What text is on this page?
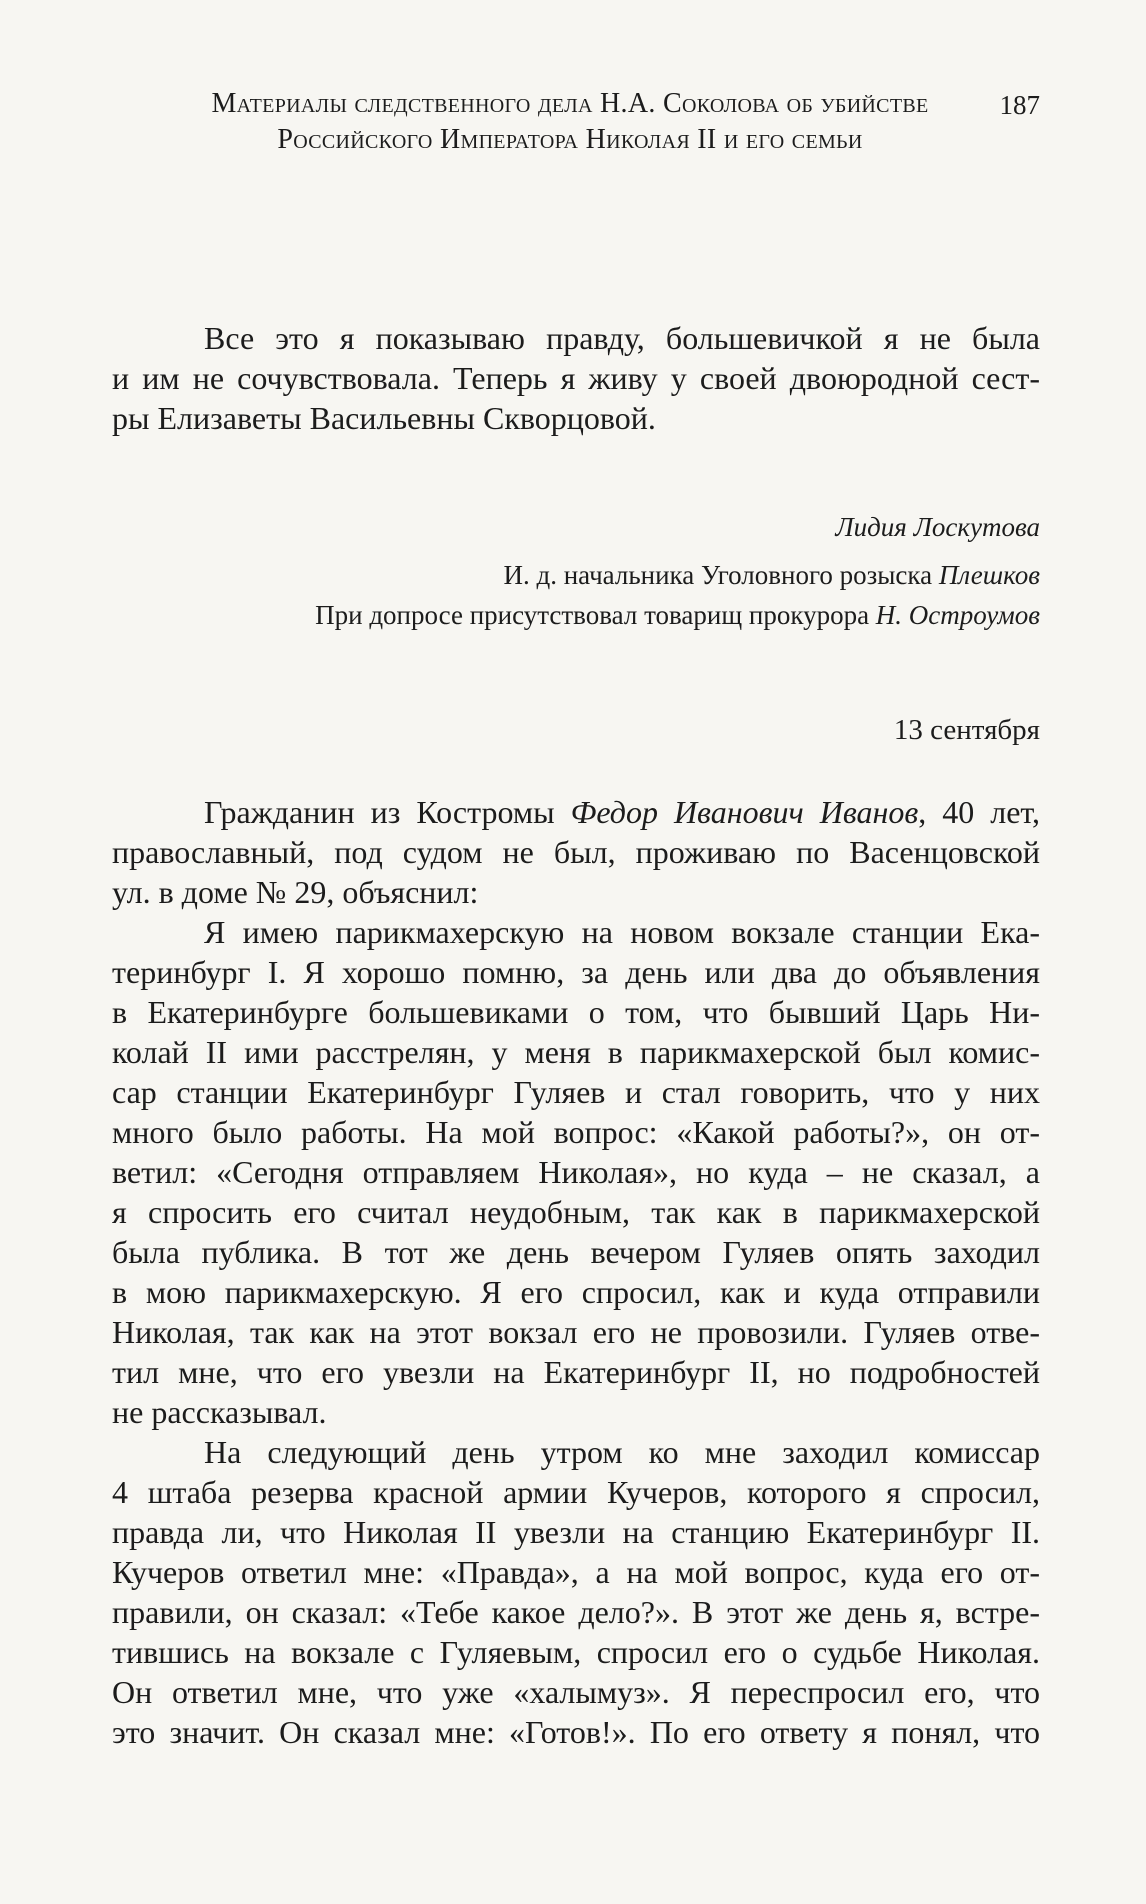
Материалы следственного дела Н.А. Соколова об убийстве
Российского Императора Николая II и его семьи
187
Все это я показываю правду, большевичкой я не была
и им не сочувствовала. Теперь я живу у своей двоюродной сест-
ры Елизаветы Васильевны Скворцовой.
Лидия Лоскутова
И. д. начальника Уголовного розыска Плешков
При допросе присутствовал товарищ прокурора Н. Остроумов
13 сентября
Гражданин из Костромы Федор Иванович Иванов, 40 лет,
православный, под судом не был, проживаю по Васенцовской
ул. в доме № 29, объяснил:
Я имею парикмахерскую на новом вокзале станции Ека-
теринбург I. Я хорошо помню, за день или два до объявления
в Екатеринбурге большевиками о том, что бывший Царь Ни-
колай II ими расстрелян, у меня в парикмахерской был комис-
сар станции Екатеринбург Гуляев и стал говорить, что у них
много было работы. На мой вопрос: «Какой работы?», он от-
ветил: «Сегодня отправляем Николая», но куда – не сказал, а
я спросить его считал неудобным, так как в парикмахерской
была публика. В тот же день вечером Гуляев опять заходил
в мою парикмахерскую. Я его спросил, как и куда отправили
Николая, так как на этот вокзал его не провозили. Гуляев отве-
тил мне, что его увезли на Екатеринбург II, но подробностей
не рассказывал.
На следующий день утром ко мне заходил комиссар
4 штаба резерва красной армии Кучеров, которого я спросил,
правда ли, что Николая II увезли на станцию Екатеринбург II.
Кучеров ответил мне: «Правда», а на мой вопрос, куда его от-
правили, он сказал: «Тебе какое дело?». В этот же день я, встре-
тившись на вокзале с Гуляевым, спросил его о судьбе Николая.
Он ответил мне, что уже «халымуз». Я переспросил его, что
это значит. Он сказал мне: «Готов!». По его ответу я понял, что
